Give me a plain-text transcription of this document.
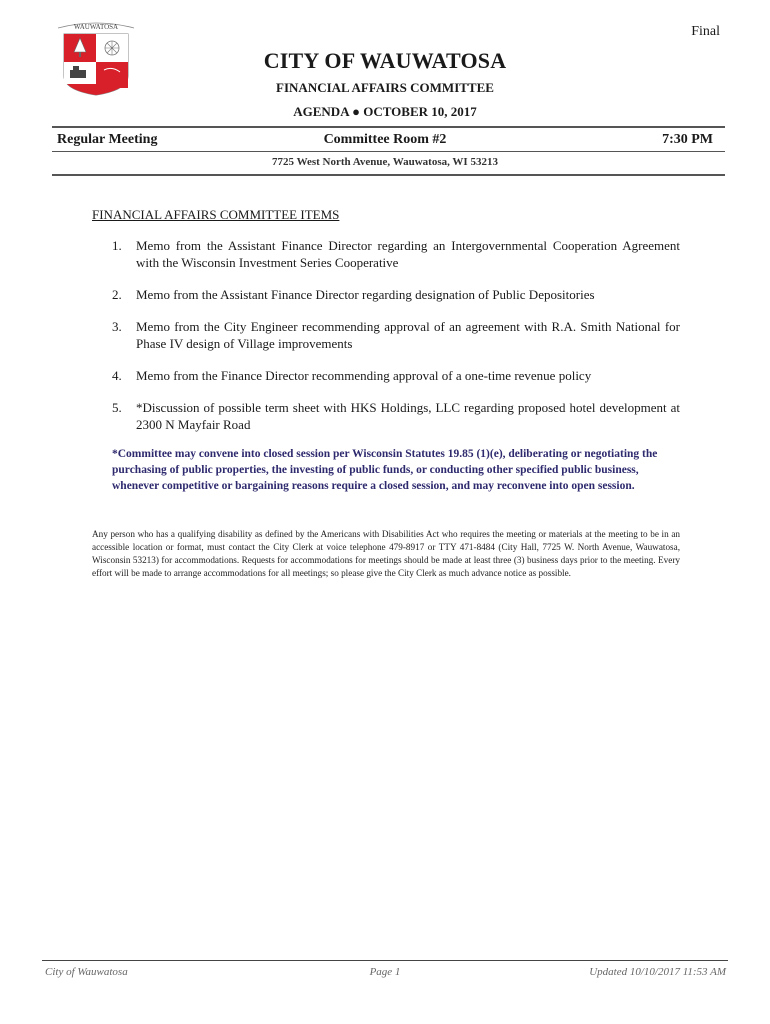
WAUWATOSA	Final
CITY OF WAUWATOSA
FINANCIAL AFFAIRS COMMITTEE
AGENDA ● OCTOBER 10, 2017
Regular Meeting	Committee Room #2	7:30 PM
7725 West North Avenue, Wauwatosa, WI 53213
FINANCIAL AFFAIRS COMMITTEE ITEMS
1. Memo from the Assistant Finance Director regarding an Intergovernmental Cooperation Agreement with the Wisconsin Investment Series Cooperative
2. Memo from the Assistant Finance Director regarding designation of Public Depositories
3. Memo from the City Engineer recommending approval of an agreement with R.A. Smith National for Phase IV design of Village improvements
4. Memo from the Finance Director recommending approval of a one-time revenue policy
5. *Discussion of possible term sheet with HKS Holdings, LLC regarding proposed hotel development at 2300 N Mayfair Road
*Committee may convene into closed session per Wisconsin Statutes 19.85 (1)(e), deliberating or negotiating the purchasing of public properties, the investing of public funds, or conducting other specified public business, whenever competitive or bargaining reasons require a closed session, and may reconvene into open session.
Any person who has a qualifying disability as defined by the Americans with Disabilities Act who requires the meeting or materials at the meeting to be in an accessible location or format, must contact the City Clerk at voice telephone 479-8917 or TTY 471-8484 (City Hall, 7725 W. North Avenue, Wauwatosa, Wisconsin 53213) for accommodations. Requests for accommodations for meetings should be made at least three (3) business days prior to the meeting. Every effort will be made to arrange accommodations for all meetings; so please give the City Clerk as much advance notice as possible.
City of Wauwatosa	Page 1	Updated 10/10/2017 11:53 AM
